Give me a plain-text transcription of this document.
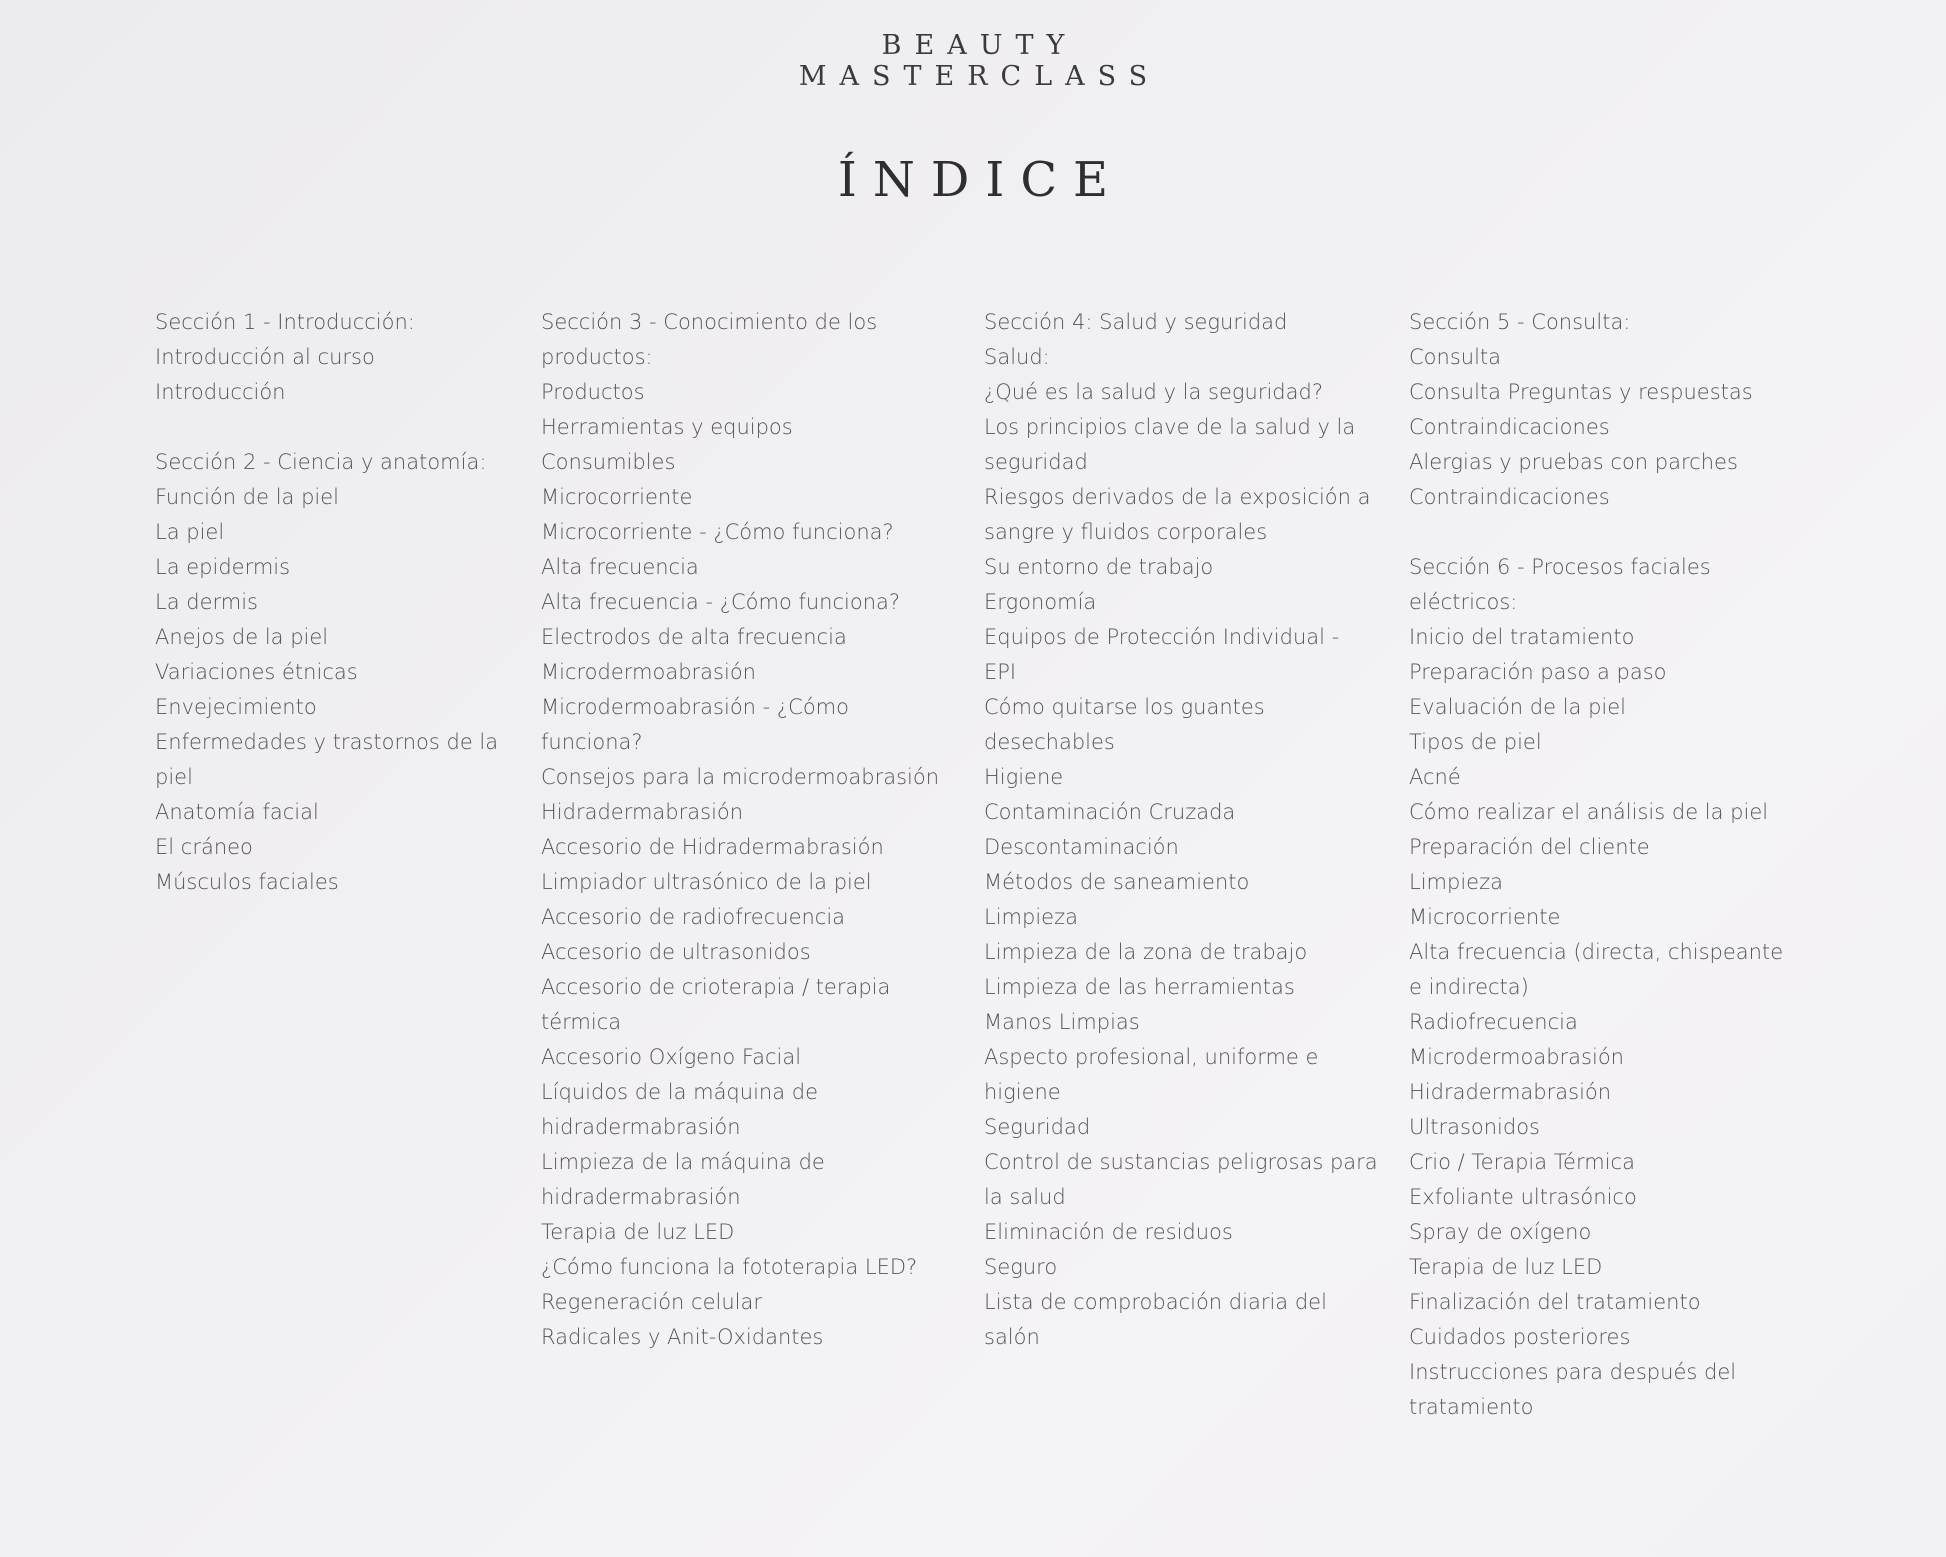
BEAUTY
MASTERCLASS
ÍNDICE
Sección 1 - Introducción:
Introducción al curso
Introducción
Sección 2 - Ciencia y anatomía:
Función de la piel
La piel
La epidermis
La dermis
Anejos de la piel
Variaciones étnicas
Envejecimiento
Enfermedades y trastornos de la
piel
Anatomía facial
El cráneo
Músculos faciales
Sección 3 - Conocimiento de los
productos:
Productos
Herramientas y equipos
Consumibles
Microcorriente
Microcorriente - ¿Cómo funciona?
Alta frecuencia
Alta frecuencia - ¿Cómo funciona?
Electrodos de alta frecuencia
Microdermoabrasión
Microdermoabrasión - ¿Cómo
funciona?
Consejos para la microdermoabrasión
Hidradermabrasión
Accesorio de Hidradermabrasión
Limpiador ultrasónico de la piel
Accesorio de radiofrecuencia
Accesorio de ultrasonidos
Accesorio de crioterapia / terapia
térmica
Accesorio Oxígeno Facial
Líquidos de la máquina de
hidradermabrasión
Limpieza de la máquina de
hidradermabrasión
Terapia de luz LED
¿Cómo funciona la fototerapia LED?
Regeneración celular
Radicales y Anit-Oxidantes
Sección 4: Salud y seguridad
Salud:
¿Qué es la salud y la seguridad?
Los principios clave de la salud y la
seguridad
Riesgos derivados de la exposición a
sangre y fluidos corporales
Su entorno de trabajo
Ergonomía
Equipos de Protección Individual -
EPI
Cómo quitarse los guantes
desechables
Higiene
Contaminación Cruzada
Descontaminación
Métodos de saneamiento
Limpieza
Limpieza de la zona de trabajo
Limpieza de las herramientas
Manos Limpias
Aspecto profesional, uniforme e
higiene
Seguridad
Control de sustancias peligrosas para
la salud
Eliminación de residuos
Seguro
Lista de comprobación diaria del
salón
Sección 5 - Consulta:
Consulta
Consulta Preguntas y respuestas
Contraindicaciones
Alergias y pruebas con parches
Contraindicaciones
Sección 6 - Procesos faciales
eléctricos:
Inicio del tratamiento
Preparación paso a paso
Evaluación de la piel
Tipos de piel
Acné
Cómo realizar el análisis de la piel
Preparación del cliente
Limpieza
Microcorriente
Alta frecuencia (directa, chispeante
e indirecta)
Radiofrecuencia
Microdermoabrasión
Hidradermabrasión
Ultrasonidos
Crio / Terapia Térmica
Exfoliante ultrasónico
Spray de oxígeno
Terapia de luz LED
Finalización del tratamiento
Cuidados posteriores
Instrucciones para después del
tratamiento
